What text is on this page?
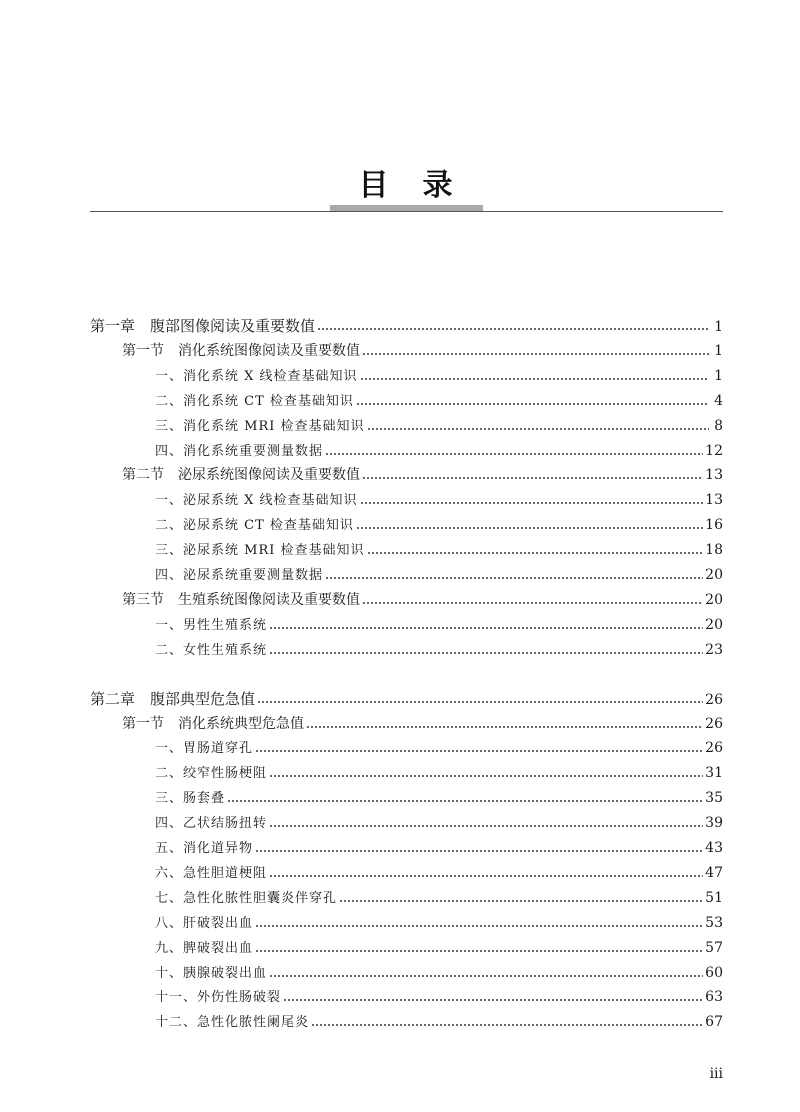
目　录
第一章　腹部图像阅读及重要数值	1
第一节　消化系统图像阅读及重要数值	1
一、消化系统 X 线检查基础知识	1
二、消化系统 CT 检查基础知识	4
三、消化系统 MRI 检查基础知识	8
四、消化系统重要测量数据	12
第二节　泌尿系统图像阅读及重要数值	13
一、泌尿系统 X 线检查基础知识	13
二、泌尿系统 CT 检查基础知识	16
三、泌尿系统 MRI 检查基础知识	18
四、泌尿系统重要测量数据	20
第三节　生殖系统图像阅读及重要数值	20
一、男性生殖系统	20
二、女性生殖系统	23
第二章　腹部典型危急值	26
第一节　消化系统典型危急值	26
一、胃肠道穿孔	26
二、绞窄性肠梗阻	31
三、肠套叠	35
四、乙状结肠扭转	39
五、消化道异物	43
六、急性胆道梗阻	47
七、急性化脓性胆囊炎伴穿孔	51
八、肝破裂出血	53
九、脾破裂出血	57
十、胰腺破裂出血	60
十一、外伤性肠破裂	63
十二、急性化脓性阑尾炎	67
iii
